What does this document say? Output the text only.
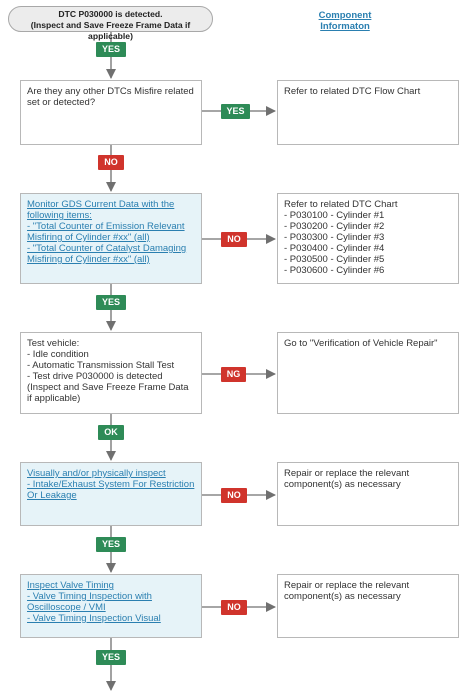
DTC P030000 is detected.
(Inspect and Save Freeze Frame Data if applicable)
Component Informaton
YES
Are they any other DTCs Misfire related
set or detected?
YES
Refer to related DTC Flow Chart
NO
Monitor GDS Current Data with the
following items:
- "Total Counter of Emission Relevant
Misfiring of Cylinder #xx" (all)
- "Total Counter of Catalyst Damaging
Misfiring of Cylinder #xx" (all)
NO
Refer to related DTC Chart
- P030100 - Cylinder #1
- P030200 - Cylinder #2
- P030300 - Cylinder #3
- P030400 - Cylinder #4
- P030500 - Cylinder #5
- P030600 - Cylinder #6
YES
Test vehicle:
- Idle condition
- Automatic Transmission Stall Test
- Test drive P030000 is detected
(Inspect and Save Freeze Frame Data
if applicable)
NG
Go to "Verification of Vehicle Repair"
OK
Visually and/or physically inspect
- Intake/Exhaust System For Restriction
Or Leakage	NO
Repair or replace the relevant
component(s) as necessary
YES
Inspect Valve Timing
- Valve Timing Inspection with
Oscilloscope / VMI
- Valve Timing Inspection Visual
NO
Repair or replace the relevant
component(s) as necessary
YES
